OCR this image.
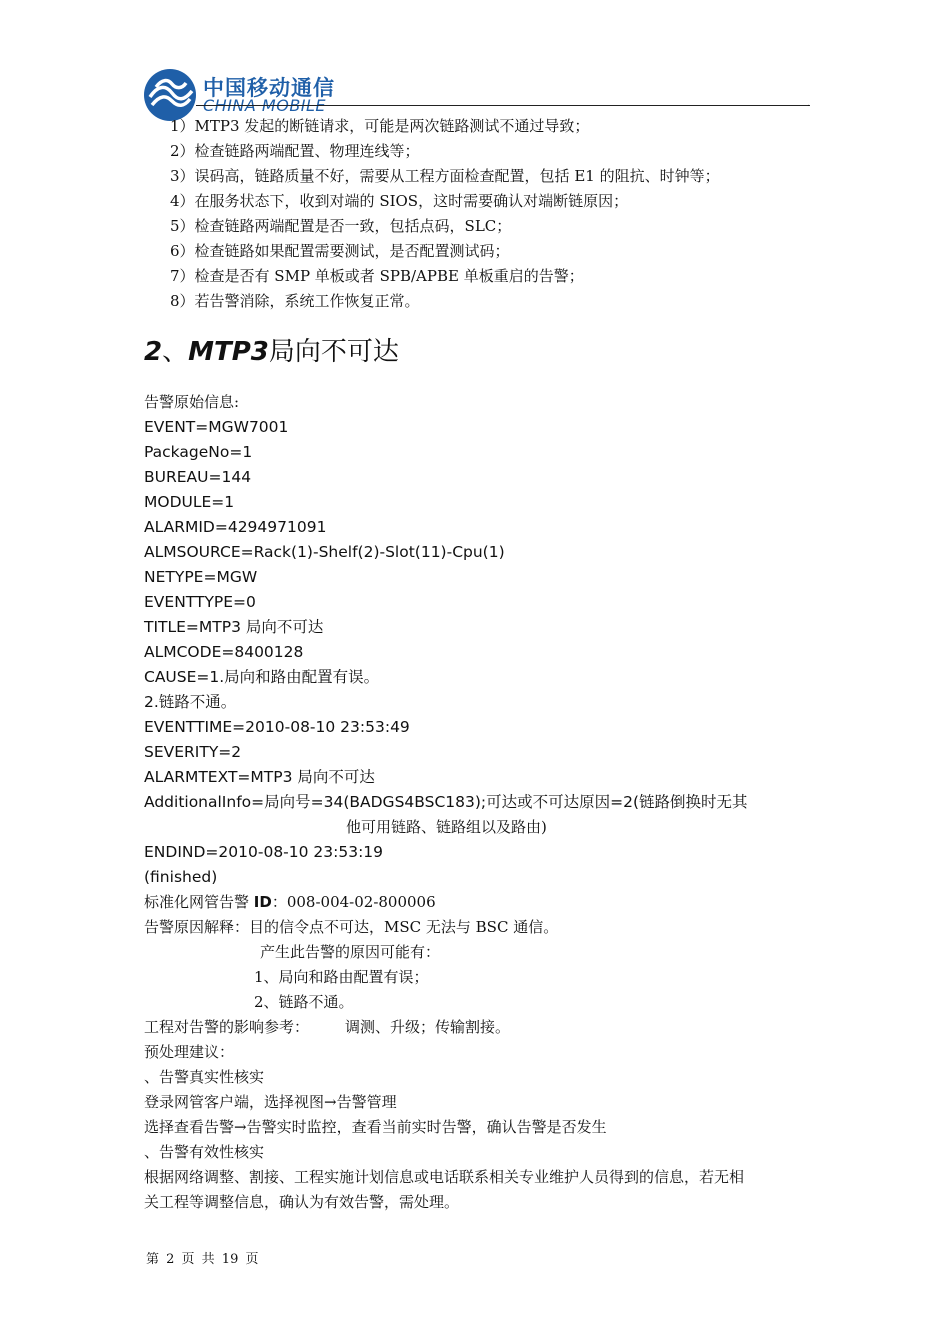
中国移动通信
CHINA MOBILE	.
1）MTP3 发起的断链请求，可能是两次链路测试不通过导致；
2）检查链路两端配置、物理连线等；
3）误码高，链路质量不好，需要从工程方面检查配置，包括 E1 的阻抗、时钟等；
4）在服务状态下，收到对端的 SIOS，这时需要确认对端断链原因；
5）检查链路两端配置是否一致，包括点码，SLC；
6）检查链路如果配置需要测试，是否配置测试码；
7）检查是否有 SMP 单板或者 SPB/APBE 单板重启的告警；
8）若告警消除，系统工作恢复正常。
2、MTP3局向不可达
告警原始信息:
EVENT=MGW7001
PackageNo=1
BUREAU=144
MODULE=1
ALARMID=4294971091
ALMSOURCE=Rack(1)-Shelf(2)-Slot(11)-Cpu(1)
NETYPE=MGW
EVENTTYPE=0
TITLE=MTP3 局向不可达
ALMCODE=8400128
CAUSE=1.局向和路由配置有误。
2.链路不通。
EVENTTIME=2010-08-10 23:53:49
SEVERITY=2
ALARMTEXT=MTP3 局向不可达
AdditionalInfo=局向号=34(BADGS4BSC183);可达或不可达原因=2(链路倒换时无其
他可用链路、链路组以及路由)
ENDIND=2010-08-10 23:53:19
(finished)
标准化网管告警 ID：008-004-02-800006
告警原因解释：目的信令点不可达，MSC 无法与 BSC 通信。
产生此告警的原因可能有：
1、局向和路由配置有误；
2、链路不通。
工程对告警的影响参考： 调测、升级；传输割接。
预处理建议：
、告警真实性核实
登录网管客户端，选择视图→告警管理
选择查看告警→告警实时监控，查看当前实时告警，确认告警是否发生
、告警有效性核实
根据网络调整、割接、工程实施计划信息或电话联系相关专业维护人员得到的信息，若无相
关工程等调整信息，确认为有效告警，需处理。
第 2 页 共 19 页
